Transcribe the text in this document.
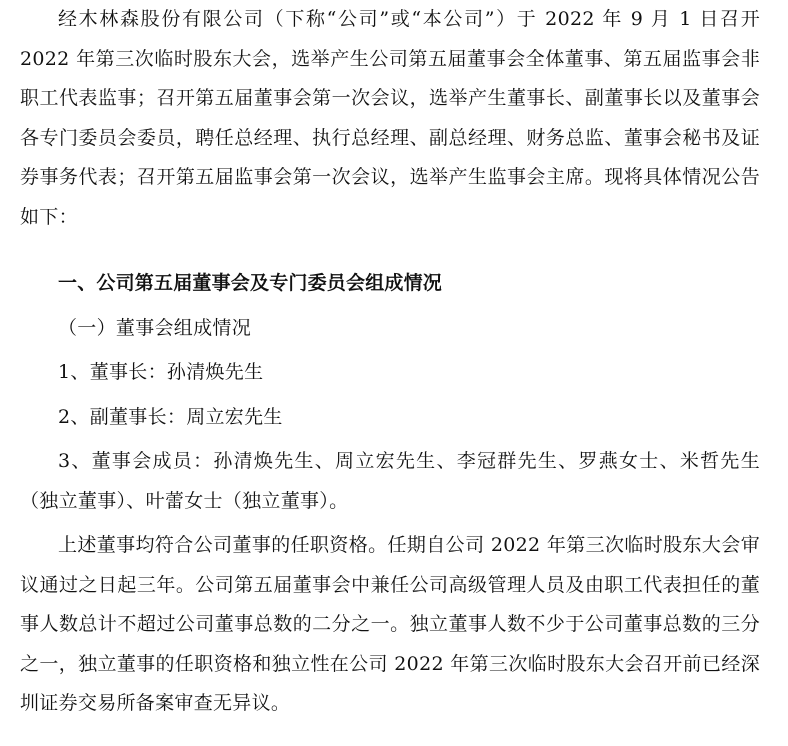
经木林森股份有限公司（下称“公司”或“本公司”）于 2022 年 9 月 1 日召开 2022 年第三次临时股东大会，选举产生公司第五届董事会全体董事、第五届监事会非职工代表监事；召开第五届董事会第一次会议，选举产生董事长、副董事长以及董事会各专门委员会委员，聘任总经理、执行总经理、副总经理、财务总监、董事会秘书及证券事务代表；召开第五届监事会第一次会议，选举产生监事会主席。现将具体情况公告如下：

一、公司第五届董事会及专门委员会组成情况

（一）董事会组成情况

1、董事长：孙清焕先生

2、副董事长：周立宏先生

3、董事会成员：孙清焕先生、周立宏先生、李冠群先生、罗燕女士、米哲先生（独立董事）、叶蕾女士（独立董事）。

上述董事均符合公司董事的任职资格。任期自公司 2022 年第三次临时股东大会审议通过之日起三年。公司第五届董事会中兼任公司高级管理人员及由职工代表担任的董事人数总计不超过公司董事总数的二分之一。独立董事人数不少于公司董事总数的三分之一，独立董事的任职资格和独立性在公司 2022 年第三次临时股东大会召开前已经深圳证券交易所备案审查无异议。
